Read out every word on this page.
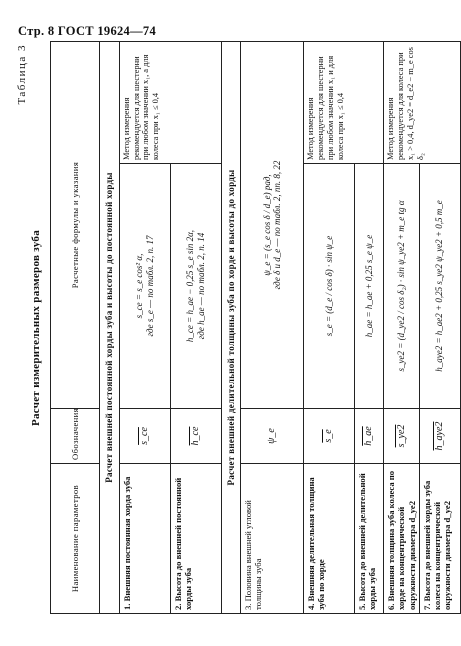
Стр. 8 ГОСТ 19624—74
Таблица 3
Расчет измерительных размеров зуба
Наименование параметров	Обозначения	Расчетные формулы и указания	
Расчет внешней постоянной хорды зуба и высоты до постоянной хорды			
1. Внешняя постоянная хорда зуба	s_ce	s_ce = s_e cos² α, где s_e — по табл. 2, п. 17	Метод измерения рекомендуется для шестерни при любом значении x₁, а для колеса при x₁ ≤ 0,4
2. Высота до внешней постоянной хорды зуба	h_ce	h_ce = h_ae − 0,25 s_e sin 2α, где h_ae — по табл. 2, п. 14	

Расчет внешней делительной толщины зуба по хорде и высоты до хорды			
3. Половина внешней угловой толщины зуба	ψ_e	ψ_e = (s_e cos δ / d_e) рад, где δ и d_e — по табл. 2, пп. 8, 22	

4. Внешняя делительная толщина зуба по хорде	s_e	s_e = (d_e / cos δ) · sin ψ_e	Метод измерения рекомендуется для шестерни при любом значении x₁ и для колеса при x₁ ≤ 0,4
5. Высота до внешней делительной хорды зуба	h_ae	h_ae = h_ae + 0,25 s_e ψ_e	

6. Внешняя толщина зуба колеса по хорде на концентрической окружности диаметра d_ye2	s_ye2	s_ye2 = (d_ye2 / cos δ₂) · sin ψ_ye2 + m_e tg α	Метод измерения рекомендуется для колеса при x₁ > 0,4, d_ye2 = d_e2 − m_e cos δ₂
7. Высота до внешней хорды зуба колеса на концентрической окружности диаметра d_ye2	h_aye2	h_aye2 = h_ae2 + 0,25 s_ye2 ψ_ye2 + 0,5 m_e	
